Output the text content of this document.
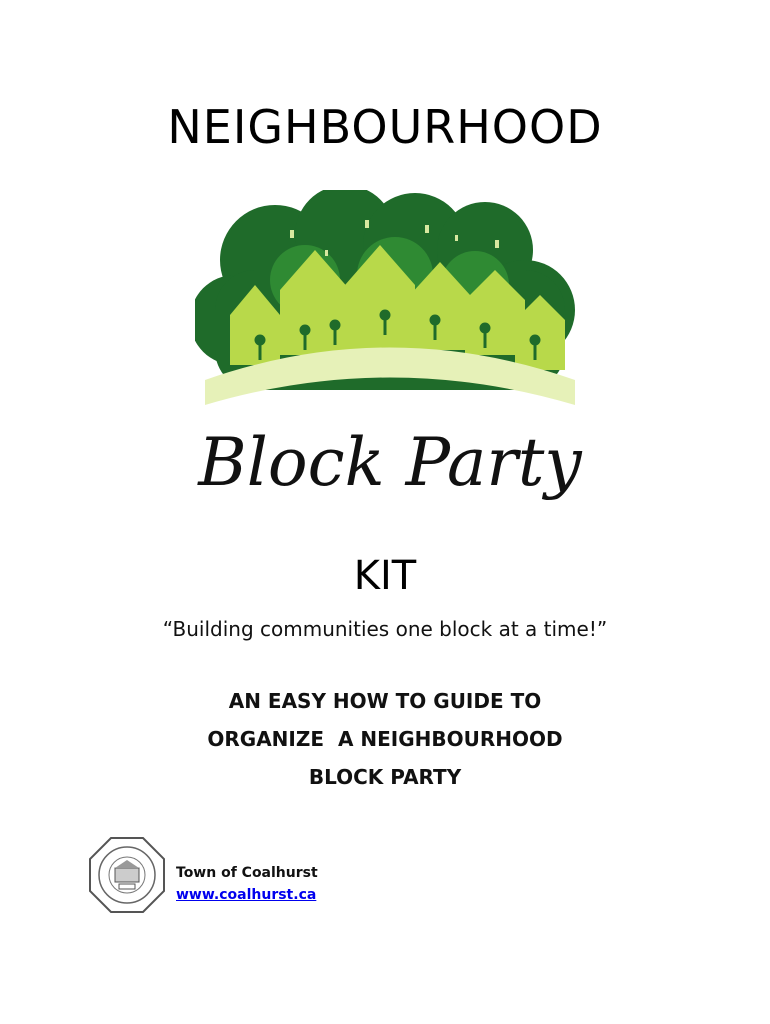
NEIGHBOURHOOD
Block Party
KIT
“Building communities one block at a time!”
AN EASY HOW TO GUIDE TO
ORGANIZE  A NEIGHBOURHOOD
BLOCK PARTY
Town of Coalhurst
www.coalhurst.ca
